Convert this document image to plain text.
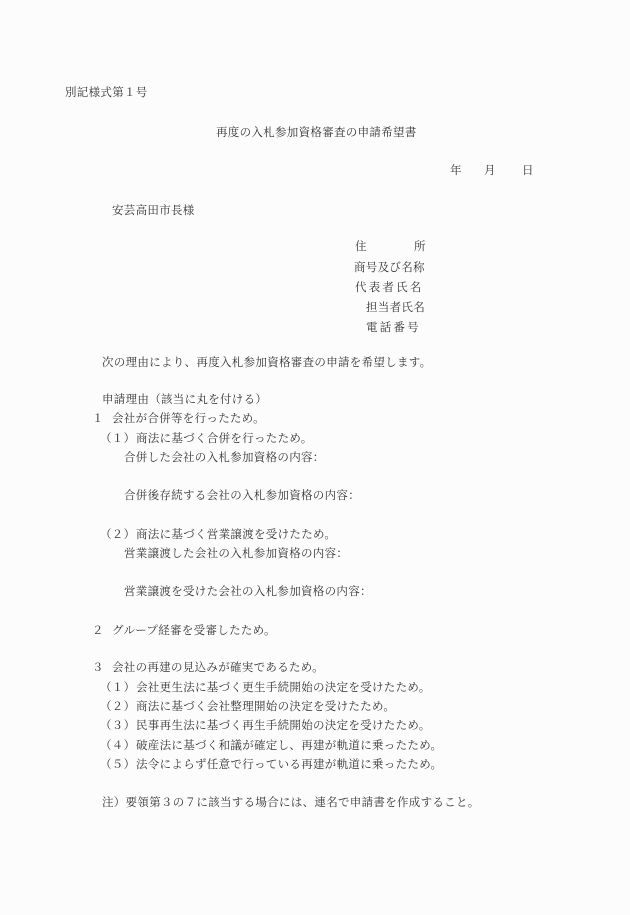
別記様式第１号
再度の入札参加資格審査の申請希望書
年 月 日
安芸高田市長様
住	所
商号及び名称
代表者氏名
担当者氏名
電話番号
次の理由により、再度入札参加資格審査の申請を希望します。
申請理由（該当に丸を付ける）
１ 会社が合併等を行ったため。
（１） 商法に基づく合併を行ったため。
合併した会社の入札参加資格の内容：
合併後存続する会社の入札参加資格の内容：
（２） 商法に基づく営業譲渡を受けたため。
営業譲渡した会社の入札参加資格の内容：
営業譲渡を受けた会社の入札参加資格の内容：
２ グループ経審を受審したため。
３ 会社の再建の見込みが確実であるため。
（１） 会社更生法に基づく更生手続開始の決定を受けたため。
（２） 商法に基づく会社整理開始の決定を受けたため。
（３） 民事再生法に基づく再生手続開始の決定を受けたため。
（４） 破産法に基づく和議が確定し、再建が軌道に乗ったため。
（５） 法令によらず任意で行っている再建が軌道に乗ったため。
注）要領第３の７に該当する場合には、連名で申請書を作成すること。
